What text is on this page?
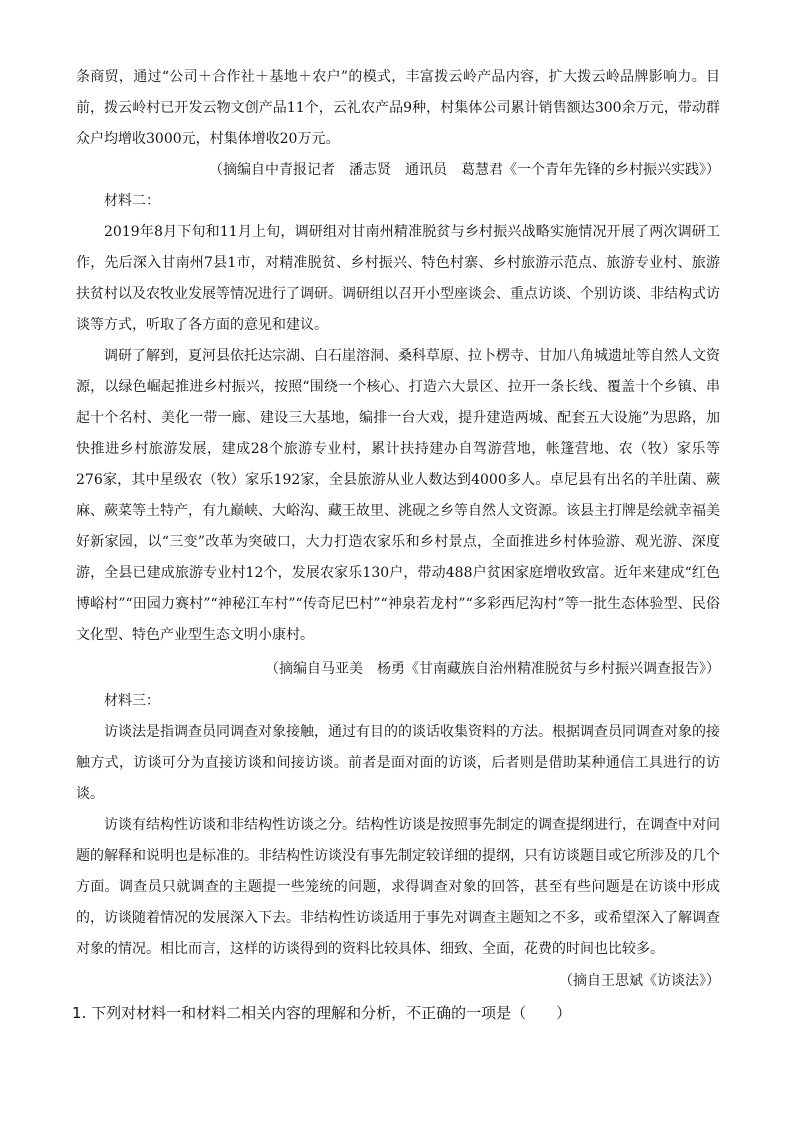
条商贸，通过“公司＋合作社＋基地＋农户”的模式，丰富拨云岭产品内容，扩大拨云岭品牌影响力。目前，拨云岭村已开发云物文创产品11个，云礼农产品9种，村集体公司累计销售额达300余万元，带动群众户均增收3000元，村集体增收20万元。

（摘编自中青报记者　潘志贤　通讯员　葛慧君《一个青年先锋的乡村振兴实践》）

材料二：

2019年8月下旬和11月上旬，调研组对甘南州精准脱贫与乡村振兴战略实施情况开展了两次调研工作，先后深入甘南州7县1市，对精准脱贫、乡村振兴、特色村寨、乡村旅游示范点、旅游专业村、旅游扶贫村以及农牧业发展等情况进行了调研。调研组以召开小型座谈会、重点访谈、个别访谈、非结构式访谈等方式，听取了各方面的意见和建议。

调研了解到，夏河县依托达宗湖、白石崖溶洞、桑科草原、拉卜楞寺、甘加八角城遗址等自然人文资源，以绿色崛起推进乡村振兴，按照“围绕一个核心、打造六大景区、拉开一条长线、覆盖十个乡镇、串起十个名村、美化一带一廊、建设三大基地，编排一台大戏，提升建造两城、配套五大设施”为思路，加快推进乡村旅游发展，建成28个旅游专业村，累计扶持建办自驾游营地，帐篷营地、农（牧）家乐等276家，其中星级农（牧）家乐192家，全县旅游从业人数达到4000多人。卓尼县有出名的羊肚菌、蕨麻、蕨菜等土特产，有九巅峡、大峪沟、藏王故里、洮砚之乡等自然人文资源。该县主打牌是绘就幸福美好新家园，以“三变”改革为突破口，大力打造农家乐和乡村景点，全面推进乡村体验游、观光游、深度游，全县已建成旅游专业村12个，发展农家乐130户，带动488户贫困家庭增收致富。近年来建成“红色博峪村”“田园力赛村”“神秘江车村”“传奇尼巴村”“神泉若龙村”“多彩西尼沟村”等一批生态体验型、民俗文化型、特色产业型生态文明小康村。

（摘编自马亚美　杨勇《甘南藏族自治州精准脱贫与乡村振兴调查报告》）

材料三：

访谈法是指调查员同调查对象接触，通过有目的的谈话收集资料的方法。根据调查员同调查对象的接触方式，访谈可分为直接访谈和间接访谈。前者是面对面的访谈，后者则是借助某种通信工具进行的访谈。

访谈有结构性访谈和非结构性访谈之分。结构性访谈是按照事先制定的调查提纲进行，在调查中对问题的解释和说明也是标准的。非结构性访谈没有事先制定较详细的提纲，只有访谈题目或它所涉及的几个方面。调查员只就调查的主题提一些笼统的问题，求得调查对象的回答，甚至有些问题是在访谈中形成的，访谈随着情况的发展深入下去。非结构性访谈适用于事先对调查主题知之不多，或希望深入了解调查对象的情况。相比而言，这样的访谈得到的资料比较具体、细致、全面，花费的时间也比较多。

（摘自王思斌《访谈法》）

1. 下列对材料一和材料二相关内容的理解和分析，不正确的一项是（　　）
